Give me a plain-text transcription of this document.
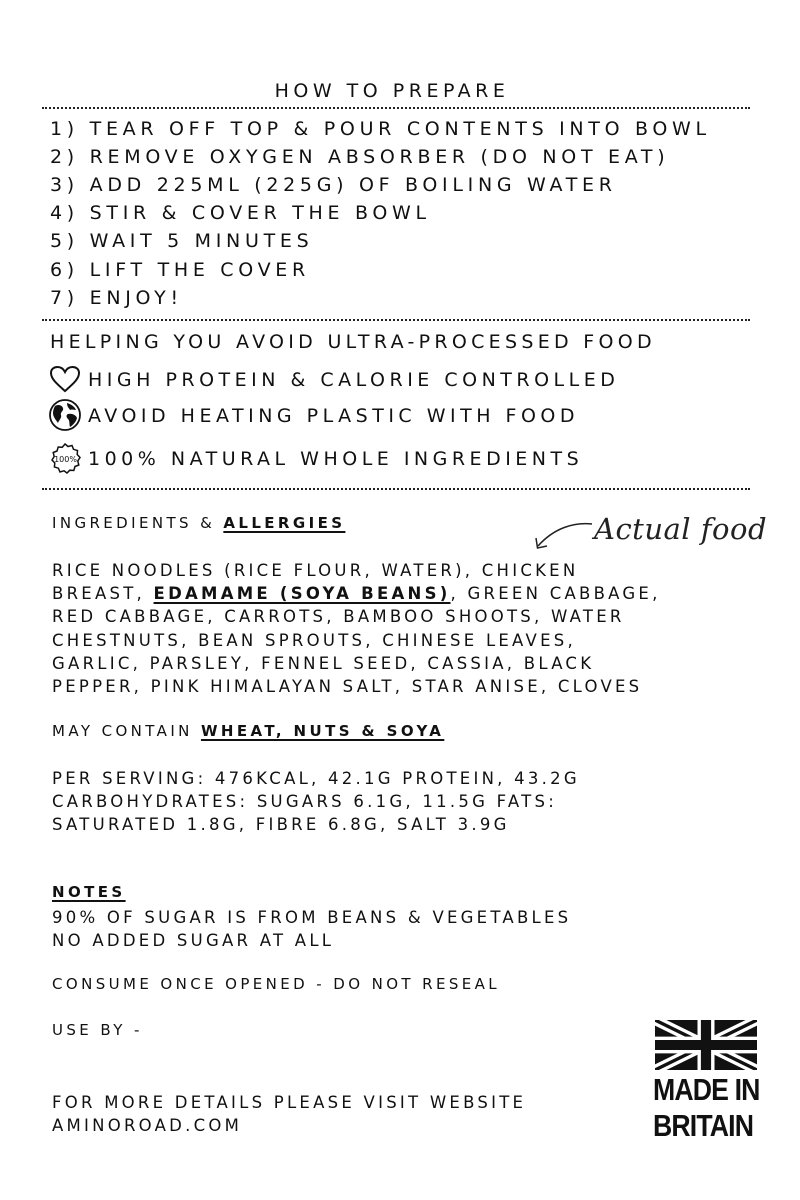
HOW TO PREPARE
1) TEAR OFF TOP & POUR CONTENTS INTO BOWL
2) REMOVE OXYGEN ABSORBER (DO NOT EAT)
3) ADD 225ML (225G) OF BOILING WATER
4) STIR & COVER THE BOWL
5) WAIT 5 MINUTES
6) LIFT THE COVER
7) ENJOY!
HELPING YOU AVOID ULTRA-PROCESSED FOOD
HIGH PROTEIN & CALORIE CONTROLLED
AVOID HEATING PLASTIC WITH FOOD
100% 100% NATURAL WHOLE INGREDIENTS
INGREDIENTS & ALLERGIES	Actual food
RICE NOODLES (RICE FLOUR, WATER), CHICKEN
BREAST, EDAMAME (SOYA BEANS), GREEN CABBAGE,
RED CABBAGE, CARROTS, BAMBOO SHOOTS, WATER
CHESTNUTS, BEAN SPROUTS, CHINESE LEAVES,
GARLIC, PARSLEY, FENNEL SEED, CASSIA, BLACK
PEPPER, PINK HIMALAYAN SALT, STAR ANISE, CLOVES
MAY CONTAIN WHEAT, NUTS & SOYA
PER SERVING: 476KCAL, 42.1G PROTEIN, 43.2G
CARBOHYDRATES: SUGARS 6.1G, 11.5G FATS:
SATURATED 1.8G, FIBRE 6.8G, SALT 3.9G
NOTES
90% OF SUGAR IS FROM BEANS & VEGETABLES
NO ADDED SUGAR AT ALL
CONSUME ONCE OPENED - DO NOT RESEAL
USE BY -
FOR MORE DETAILS PLEASE VISIT WEBSITE
AMINOROAD.COM
MADE IN
BRITAIN
